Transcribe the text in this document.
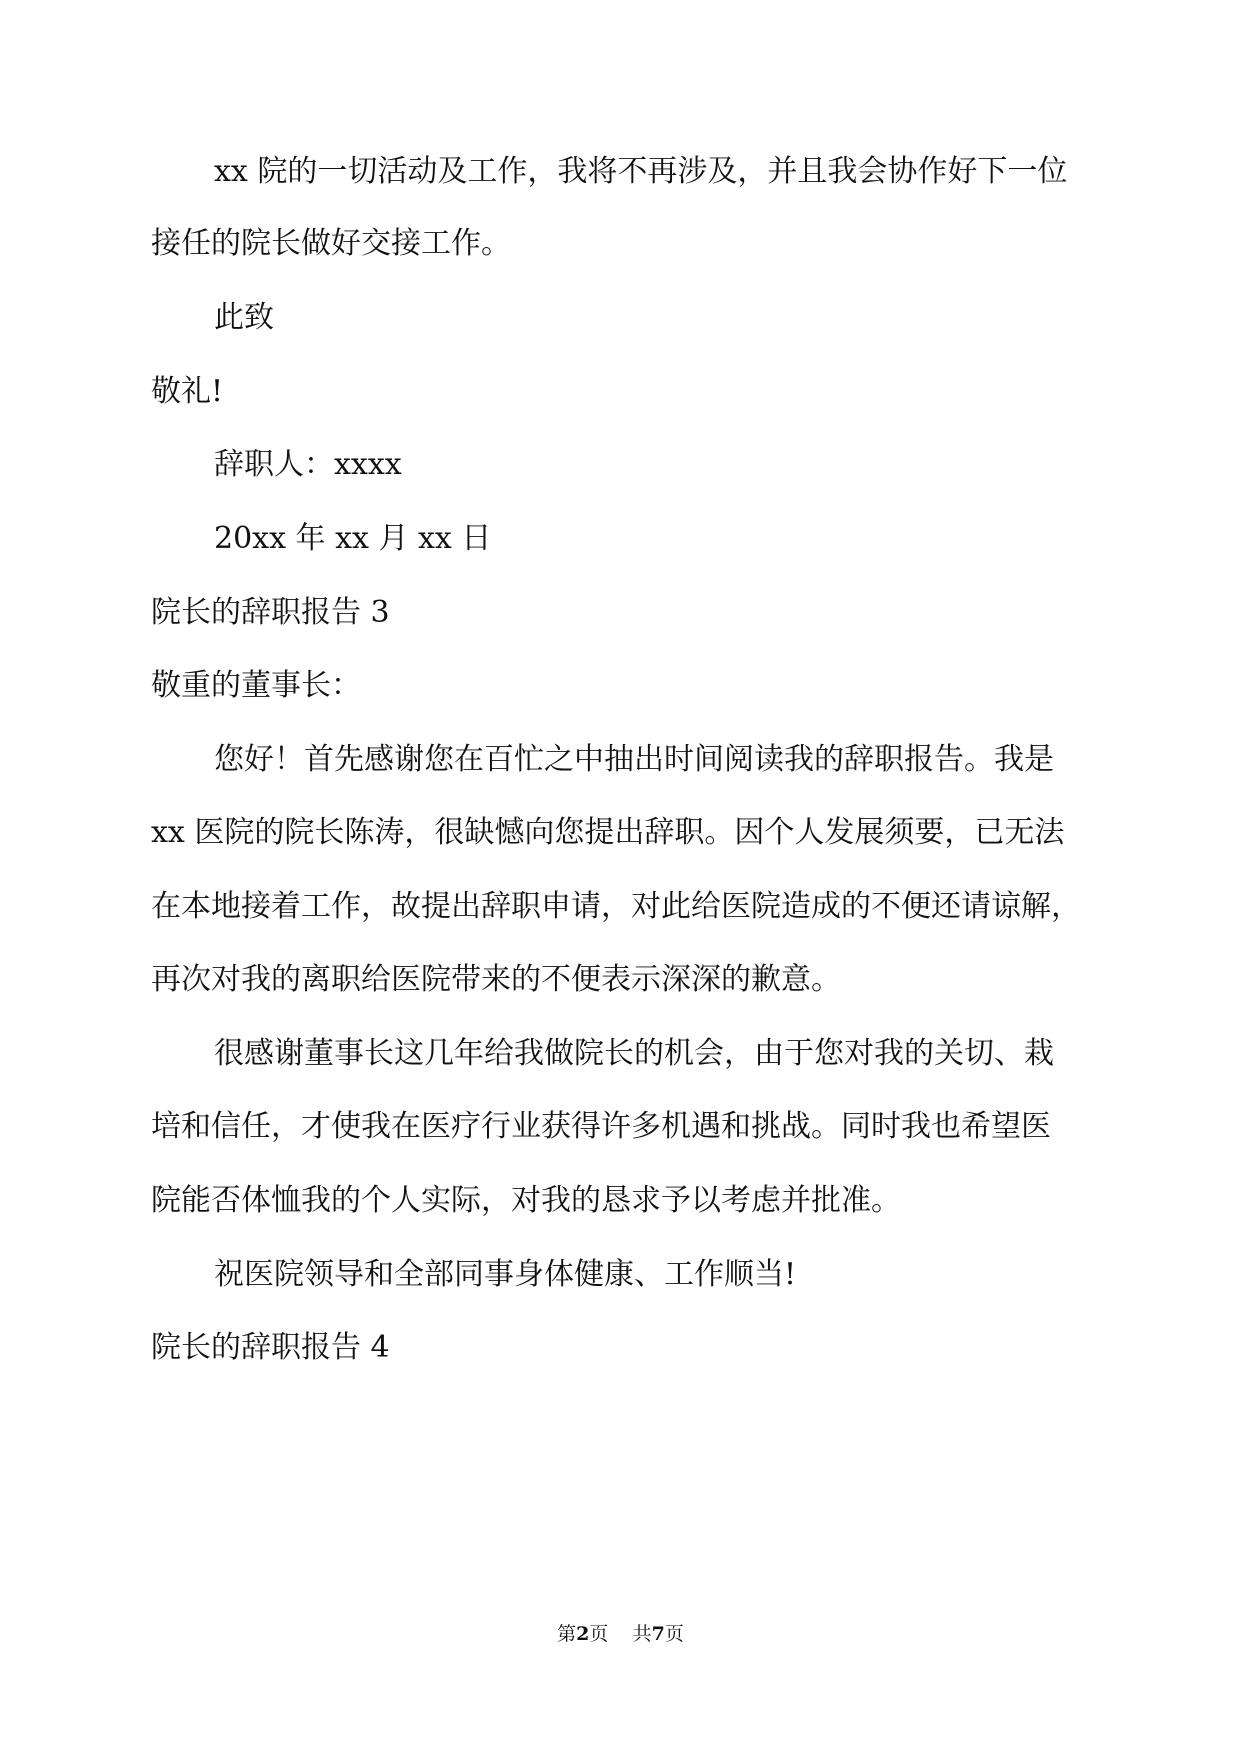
xx 院的一切活动及工作，我将不再涉及，并且我会协作好下一位
接任的院长做好交接工作。
此致
敬礼!
辞职人：xxxx
20xx 年 xx 月 xx 日
院长的辞职报告 3
敬重的董事长：
您好！首先感谢您在百忙之中抽出时间阅读我的辞职报告。我是
xx 医院的院长陈涛，很缺憾向您提出辞职。因个人发展须要，已无法
在本地接着工作，故提出辞职申请，对此给医院造成的不便还请谅解，
再次对我的离职给医院带来的不便表示深深的歉意。
很感谢董事长这几年给我做院长的机会，由于您对我的关切、栽
培和信任，才使我在医疗行业获得许多机遇和挑战。同时我也希望医
院能否体恤我的个人实际，对我的恳求予以考虑并批准。
祝医院领导和全部同事身体健康、工作顺当!
院长的辞职报告 4
第2页 共7页
